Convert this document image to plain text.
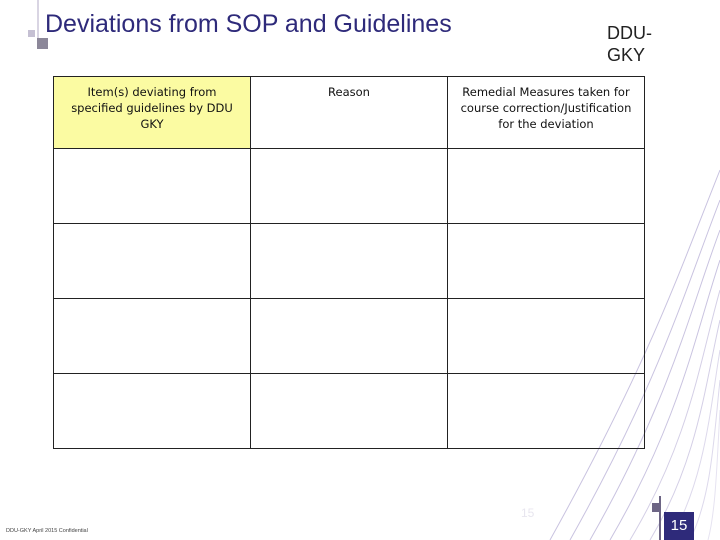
Deviations from SOP and Guidelines	DDU-GKY
Item(s) deviating from specified guidelines by DDU GKY	Reason	Remedial Measures taken for course correction/Justification for the deviation

DDU-GKY April 2015 Confidential
15
15
